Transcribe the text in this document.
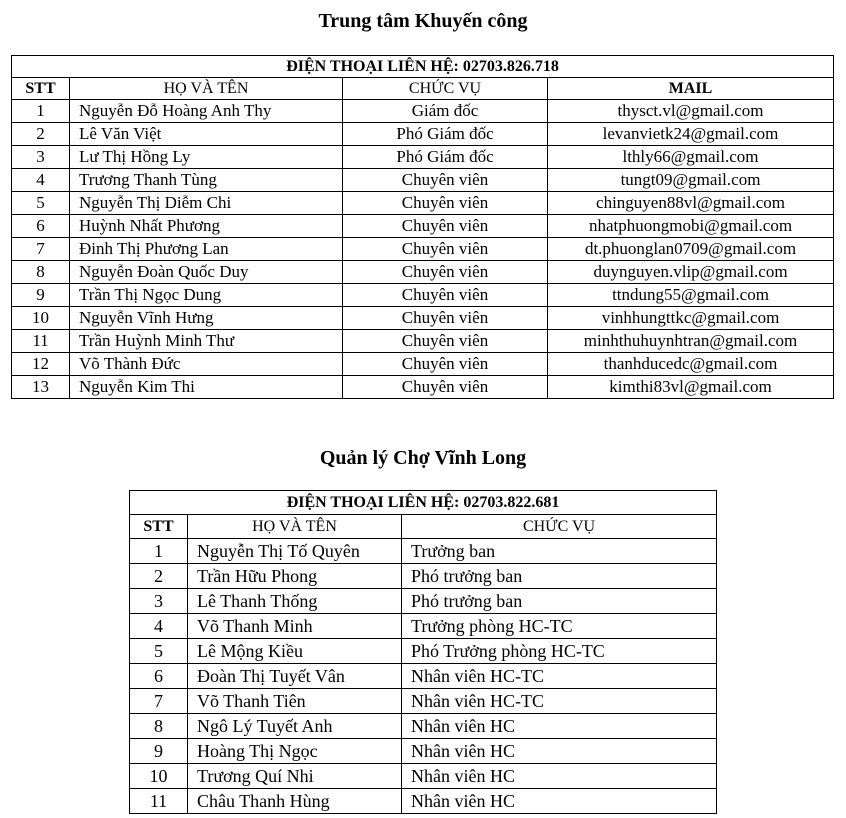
Trung tâm Khuyến công
ĐIỆN THOẠI LIÊN HỆ: 02703.826.718			
STT	HỌ VÀ TÊN	CHỨC VỤ	MAIL
1	Nguyễn Đỗ Hoàng Anh Thy	Giám đốc	thysct.vl@gmail.com
2	Lê Văn Việt	Phó Giám đốc	levanvietk24@gmail.com
3	Lư Thị Hồng Ly	Phó Giám đốc	lthly66@gmail.com
4	Trương Thanh Tùng	Chuyên viên	tungt09@gmail.com
5	Nguyễn Thị Diễm Chi	Chuyên viên	chinguyen88vl@gmail.com
6	Huỳnh Nhất Phương	Chuyên viên	nhatphuongmobi@gmail.com
7	Đinh Thị Phương Lan	Chuyên viên	dt.phuonglan0709@gmail.com
8	Nguyễn Đoàn Quốc Duy	Chuyên viên	duynguyen.vlip@gmail.com
9	Trần Thị Ngọc Dung	Chuyên viên	ttndung55@gmail.com
10	Nguyễn Vĩnh Hưng	Chuyên viên	vinhhungttkc@gmail.com
11	Trần Huỳnh Minh Thư	Chuyên viên	minhthuhuynhtran@gmail.com
12	Võ Thành Đức	Chuyên viên	thanhducedc@gmail.com
13	Nguyễn Kim Thi	Chuyên viên	kimthi83vl@gmail.com
Quản lý Chợ Vĩnh Long
ĐIỆN THOẠI LIÊN HỆ: 02703.822.681		
STT	HỌ VÀ TÊN	CHỨC VỤ
1	Nguyễn Thị Tố Quyên	Trưởng ban
2	Trần Hữu Phong	Phó trưởng ban
3	Lê Thanh Thống	Phó trưởng ban
4	Võ Thanh Minh	Trưởng phòng HC-TC
5	Lê Mộng Kiều	Phó Trưởng phòng HC-TC
6	Đoàn Thị Tuyết Vân	Nhân viên HC-TC
7	Võ Thanh Tiên	Nhân viên HC-TC
8	Ngô Lý Tuyết Anh	Nhân viên HC
9	Hoàng Thị Ngọc	Nhân viên HC
10	Trương Quí Nhi	Nhân viên HC
11	Châu Thanh Hùng	Nhân viên HC
